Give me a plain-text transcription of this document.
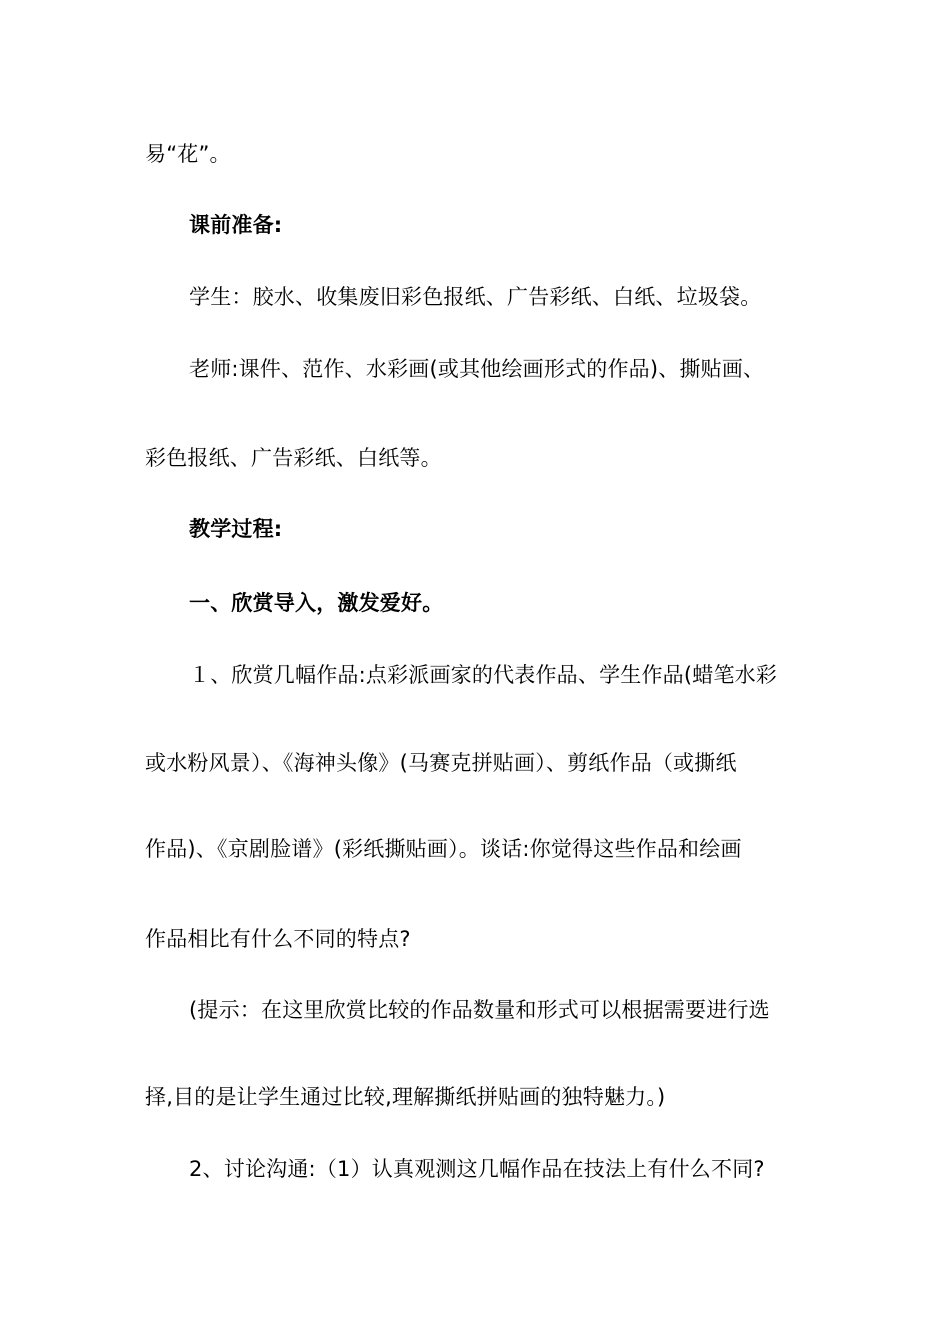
易“花”。
课前准备:
学生：胶水、收集废旧彩色报纸、广告彩纸、白纸、垃圾袋。
老师:课件、范作、水彩画(或其他绘画形式的作品)、撕贴画、
彩色报纸、广告彩纸、白纸等。
教学过程:
一、欣赏导入，激发爱好。
１、欣赏几幅作品:点彩派画家的代表作品、学生作品(蜡笔水彩
或水粉风景）、《海神头像》(马赛克拼贴画）、剪纸作品（或撕纸
作品)、《京剧脸谱》(彩纸撕贴画）。谈话:你觉得这些作品和绘画
作品相比有什么不同的特点?
(提示：在这里欣赏比较的作品数量和形式可以根据需要进行选
择,目的是让学生通过比较,理解撕纸拼贴画的独特魅力。)
2、讨论沟通:（1）认真观测这几幅作品在技法上有什么不同?
